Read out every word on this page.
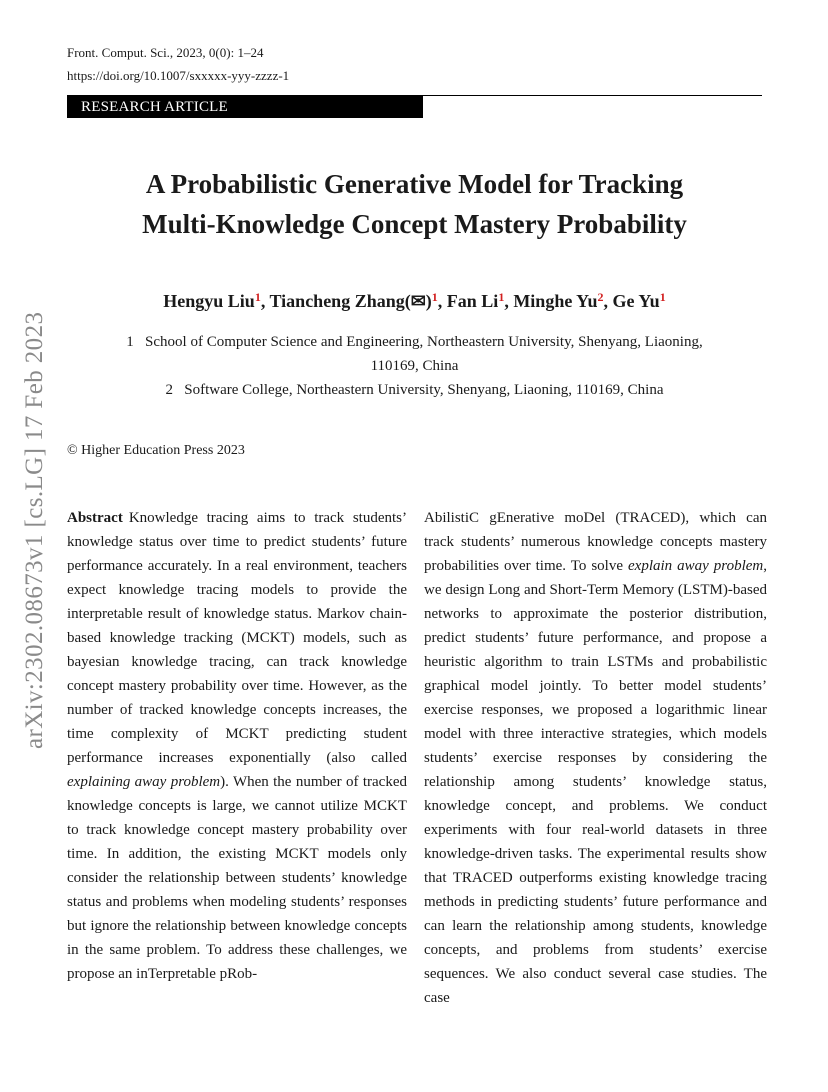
Front. Comput. Sci., 2023, 0(0): 1–24
https://doi.org/10.1007/sxxxxx-yyy-zzzz-1
RESEARCH ARTICLE
A Probabilistic Generative Model for Tracking
Multi-Knowledge Concept Mastery Probability
Hengyu Liu$^1$, Tiancheng Zhang(✉)$^1$, Fan Li$^1$, Minghe Yu$^2$, Ge Yu$^1$
1   School of Computer Science and Engineering, Northeastern University, Shenyang, Liaoning,
110169, China
2   Software College, Northeastern University, Shenyang, Liaoning, 110169, China
© Higher Education Press 2023
arXiv:2302.08673v1 [cs.LG] 17 Feb 2023 Abstract Knowledge tracing aims to track students’ knowledge status over time to predict students’ future performance accurately. In a real environment, teachers expect knowledge tracing models to provide the interpretable result of knowledge status. Markov chain-based knowledge tracking (MCKT) models, such as bayesian knowledge tracing, can track knowledge concept mastery probability over time. However, as the number of tracked knowledge concepts increases, the time complexity of MCKT predicting student performance increases exponentially (also called explaining away problem). When the number of tracked knowledge concepts is large, we cannot utilize MCKT to track knowledge concept mastery probability over time. In addition, the existing MCKT models only consider the relationship between students’ knowledge status and problems when modeling students’ responses but ignore the relationship between knowledge concepts in the same problem. To address these challenges, we propose an inTerpretable pRob-
AbilistiC gEnerative moDel (TRACED), which can track students’ numerous knowledge concepts mastery probabilities over time. To solve explain away problem, we design Long and Short-Term Memory (LSTM)-based networks to approximate the posterior distribution, predict students’ future performance, and propose a heuristic algorithm to train LSTMs and probabilistic graphical model jointly. To better model students’ exercise responses, we proposed a logarithmic linear model with three interactive strategies, which models students’ exercise responses by considering the relationship among students’ knowledge status, knowledge concept, and problems. We conduct experiments with four real-world datasets in three knowledge-driven tasks. The experimental results show that TRACED outperforms existing knowledge tracing methods in predicting students’ future performance and can learn the relationship among students, knowledge concepts, and problems from students’ exercise sequences. We also conduct several case studies. The case
